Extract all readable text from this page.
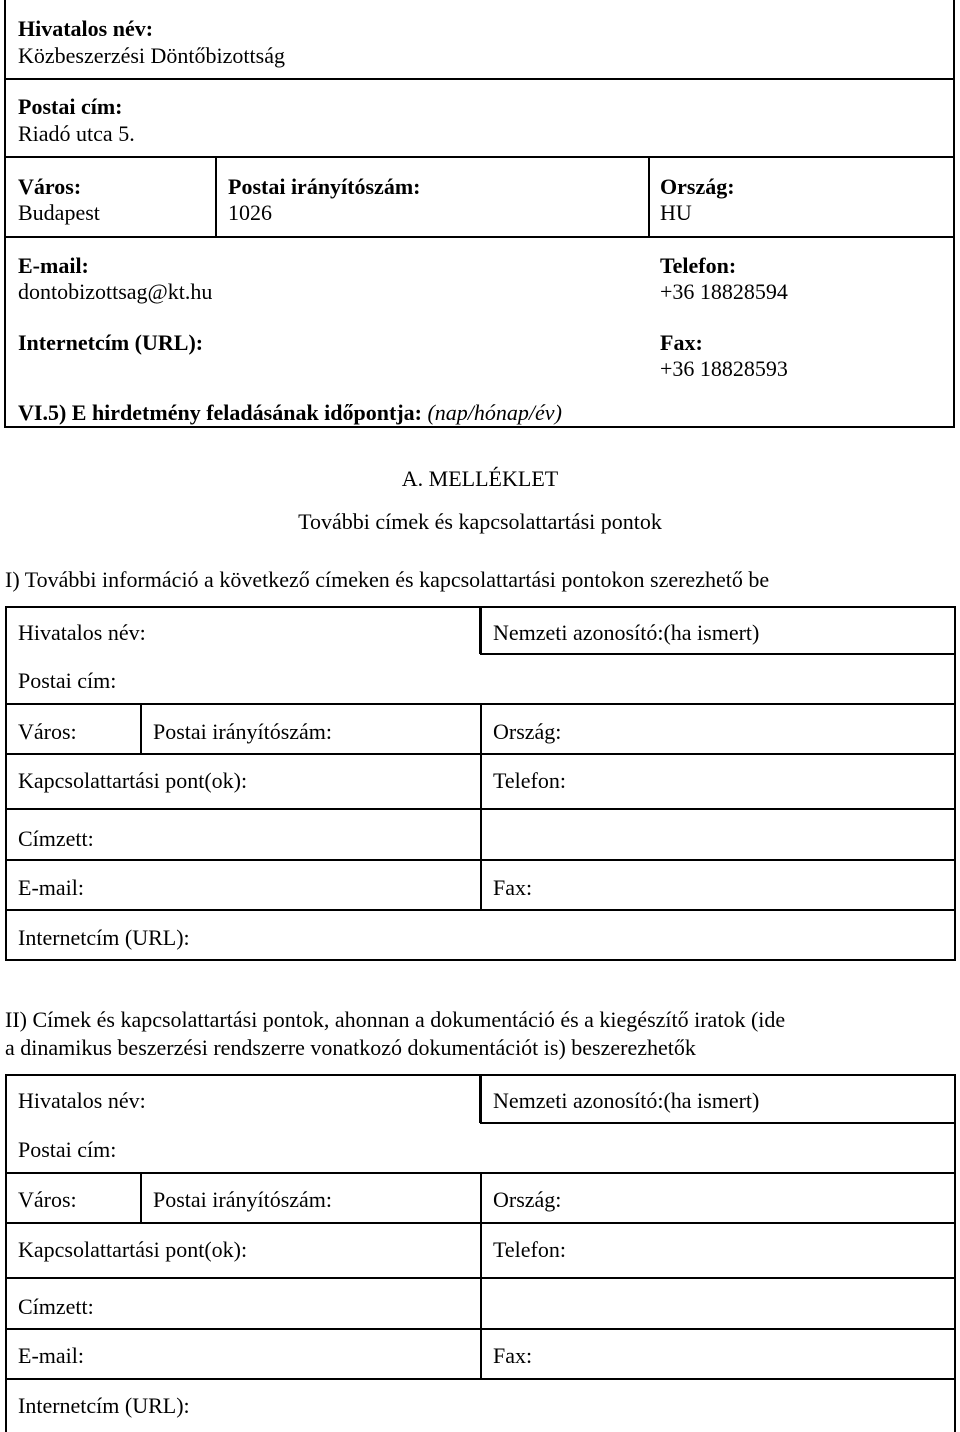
Hivatalos név:
Közbeszerzési Döntőbizottság
Postai cím:
Riadó utca 5.
Város:
Budapest
Postai irányítószám:
1026
Ország:
HU
E-mail:
dontobizottsag@kt.hu
Telefon:
+36 18828594
Internetcím (URL):	Fax:
+36 18828593
VI.5) E hirdetmény feladásának időpontja: (nap/hónap/év)
A. MELLÉKLET
További címek és kapcsolattartási pontok
I) További információ a következő címeken és kapcsolattartási pontokon szerezhető be
Hivatalos név:	Nemzeti azonosító:(ha ismert)
Postai cím:
Város:	Postai irányítószám:	Ország:
Kapcsolattartási pont(ok):	Telefon:
Címzett:
E-mail:	Fax:
Internetcím (URL):
II) Címek és kapcsolattartási pontok, ahonnan a dokumentáció és a kiegészítő iratok (ide
a dinamikus beszerzési rendszerre vonatkozó dokumentációt is) beszerezhetők
Hivatalos név:	Nemzeti azonosító:(ha ismert)
Postai cím:
Város:	Postai irányítószám:	Ország:
Kapcsolattartási pont(ok):	Telefon:
Címzett:
E-mail:	Fax:
Internetcím (URL):
